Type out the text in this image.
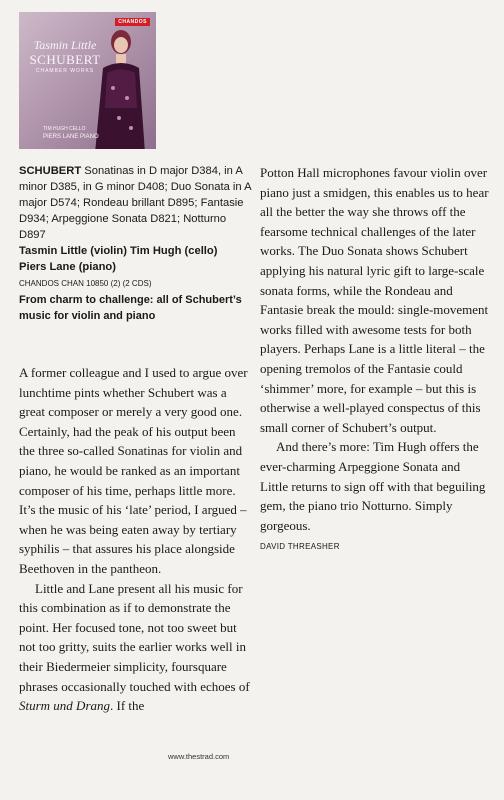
CHANDOS
Tasmin Little
SCHUBERT
CHAMBER WORKS
TIM HUGH CELLO
PIERS LANE PIANO
SCHUBERT Sonatinas in D major D384, in A minor D385, in G minor D408; Duo Sonata in A major D574; Rondeau brillant D895; Fantasie D934; Arpeggione Sonata D821; Notturno D897
Tasmin Little (violin) Tim Hugh (cello)
Piers Lane (piano)
CHANDOS CHAN 10850 (2) (2 CDS)
From charm to challenge: all of Schubert’s music for violin and piano

A former colleague and I used to argue over lunchtime pints whether Schubert was a great composer or merely a very good one. Certainly, had the peak of his output been the three so-called Sonatinas for violin and piano, he would be ranked as an important composer of his time, perhaps little more. It’s the music of his ‘late’ period, I argued – when he was being eaten away by tertiary syphilis – that assures his place alongside Beethoven in the pantheon.

Little and Lane present all his music for this combination as if to demonstrate the point. Her focused tone, not too sweet but not too gritty, suits the earlier works well in their Biedermeier simplicity, foursquare phrases occasionally touched with echoes of Sturm und Drang. If the

Potton Hall microphones favour violin over piano just a smidgen, this enables us to hear all the better the way she throws off the fearsome technical challenges of the later works. The Duo Sonata shows Schubert applying his natural lyric gift to large-scale sonata forms, while the Rondeau and Fantasie break the mould: single-movement works filled with awesome tests for both players. Perhaps Lane is a little literal – the opening tremolos of the Fantasie could ‘shimmer’ more, for example – but this is otherwise a well-played conspectus of this small corner of Schubert’s output.

And there’s more: Tim Hugh offers the ever-charming Arpeggione Sonata and Little returns to sign off with that beguiling gem, the piano trio Notturno. Simply gorgeous.

DAVID THREASHER
www.thestrad.com
